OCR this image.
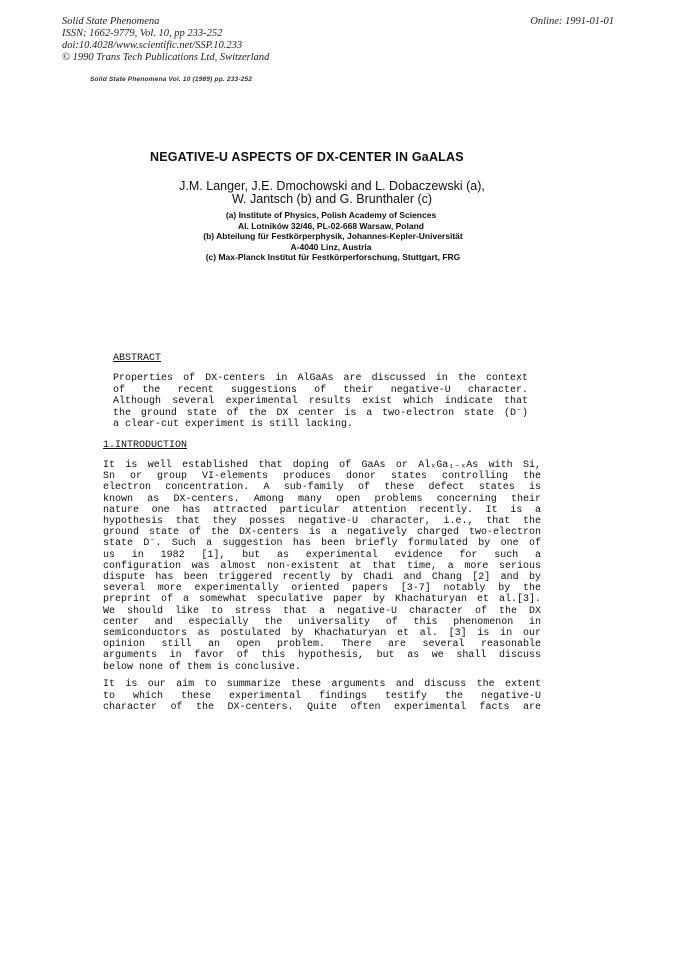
Solid State Phenomena
ISSN: 1662-9779, Vol. 10, pp 233-252
doi:10.4028/www.scientific.net/SSP.10.233
© 1990 Trans Tech Publications Ltd, Switzerland
Online: 1991-01-01
Solid State Phenomena Vol. 10 (1989) pp. 233-252
NEGATIVE-U ASPECTS OF DX-CENTER IN GaALAS
J.M. Langer, J.E. Dmochowski and L. Dobaczewski (a),
W. Jantsch (b) and G. Brunthaler (c)
(a) Institute of Physics, Polish Academy of Sciences
Al. Lotników 32/46, PL-02-668 Warsaw, Poland
(b) Abteilung für Festkörperphysik, Johannes-Kepler-Universität
A-4040 Linz, Austria
(c) Max-Planck Institut für Festkörperforschung, Stuttgart, FRG
ABSTRACT
Properties of DX-centers in AlGaAs are discussed in the context
of the recent suggestions of their negative-U character.
Although several experimental results exist which indicate that
the ground state of the DX center is a two-electron state (D⁻)
a clear-cut experiment is still lacking.
1.INTRODUCTION
It is well established that doping of GaAs or AlₓGa₁₋ₓAs with Si,
Sn or group VI-elements produces donor states controlling the
electron concentration. A sub-family of these defect states is
known as DX-centers. Among many open problems concerning their
nature one has attracted particular attention recently. It is a
hypothesis that they posses negative-U character, i.e., that the
ground state of the DX-centers is a negatively charged two-electron
state D⁻. Such a suggestion has been briefly formulated by one of
us in 1982 [1], but as experimental evidence for such a
configuration was almost non-existent at that time, a more serious
dispute has been triggered recently by Chadi and Chang [2] and by
several more experimentally oriented papers [3-7] notably by the
preprint of a somewhat speculative paper by Khachaturyan et al.[3].
We should like to stress that a negative-U character of the DX
center and especially the universality of this phenomenon in
semiconductors as postulated by Khachaturyan et al. [3] is in our
opinion still an open problem. There are several reasonable
arguments in favor of this hypothesis, but as we shall discuss
below none of them is conclusive.
It is our aim to summarize these arguments and discuss the extent
to which these experimental findings testify the negative-U
character of the DX-centers. Quite often experimental facts are
